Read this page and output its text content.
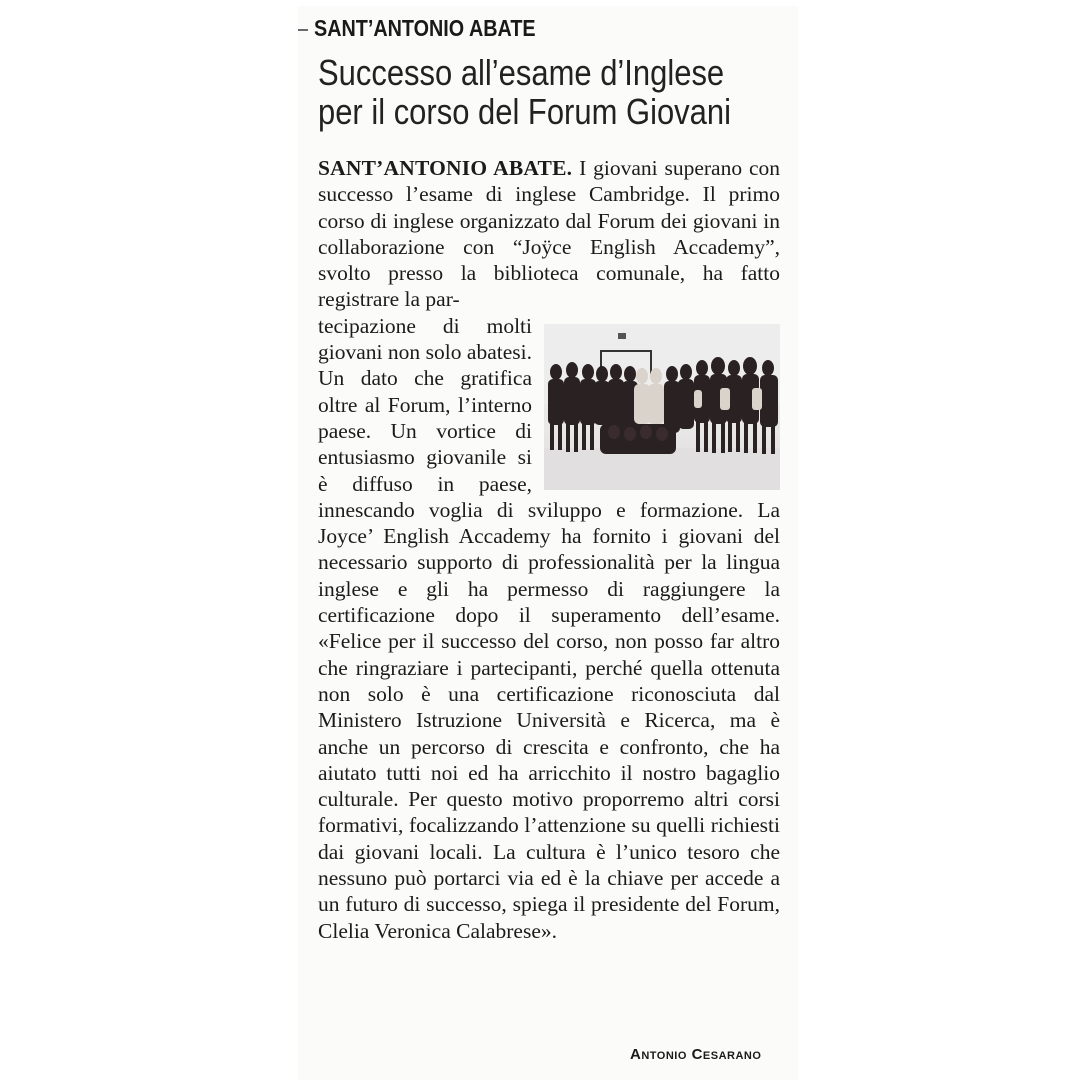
SANT’ANTONIO ABATE
Successo all’esame d’Inglese
per il corso del Forum Giovani

SANT’ANTONIO ABATE. I giovani superano con successo l’esame di inglese Cambridge. Il primo corso di inglese organizzato dal Forum dei giovani in collaborazione con “Joÿce English Accademy”, svolto presso la biblioteca comunale, ha fatto registrare la par-

tecipazione di molti giovani non solo abatesi. Un dato che gratifica oltre al Forum, l’interno paese. Un vortice di entusiasmo giovanile si è diffuso in paese, innescando voglia di sviluppo e formazione. La Joyce’ English Accademy ha fornito i giovani del necessario supporto di professionalità per la lingua inglese e gli ha permesso di raggiungere la certificazione dopo il superamento dell’esame. «Felice per il successo del corso, non posso far altro che ringraziare i partecipanti, perché quella ottenuta non solo è una certificazione riconosciuta dal Ministero Istruzione Università e Ricerca, ma è anche un percorso di crescita e confronto, che ha aiutato tutti noi ed ha arricchito il nostro bagaglio culturale. Per questo motivo proporremo altri corsi formativi, focalizzando l’attenzione su quelli richiesti dai giovani locali. La cultura è l’unico tesoro che nessuno può portarci via ed è la chiave per accede a un futuro di successo, spiega il presidente del Forum, Clelia Veronica Calabrese».

Antonio Cesarano
